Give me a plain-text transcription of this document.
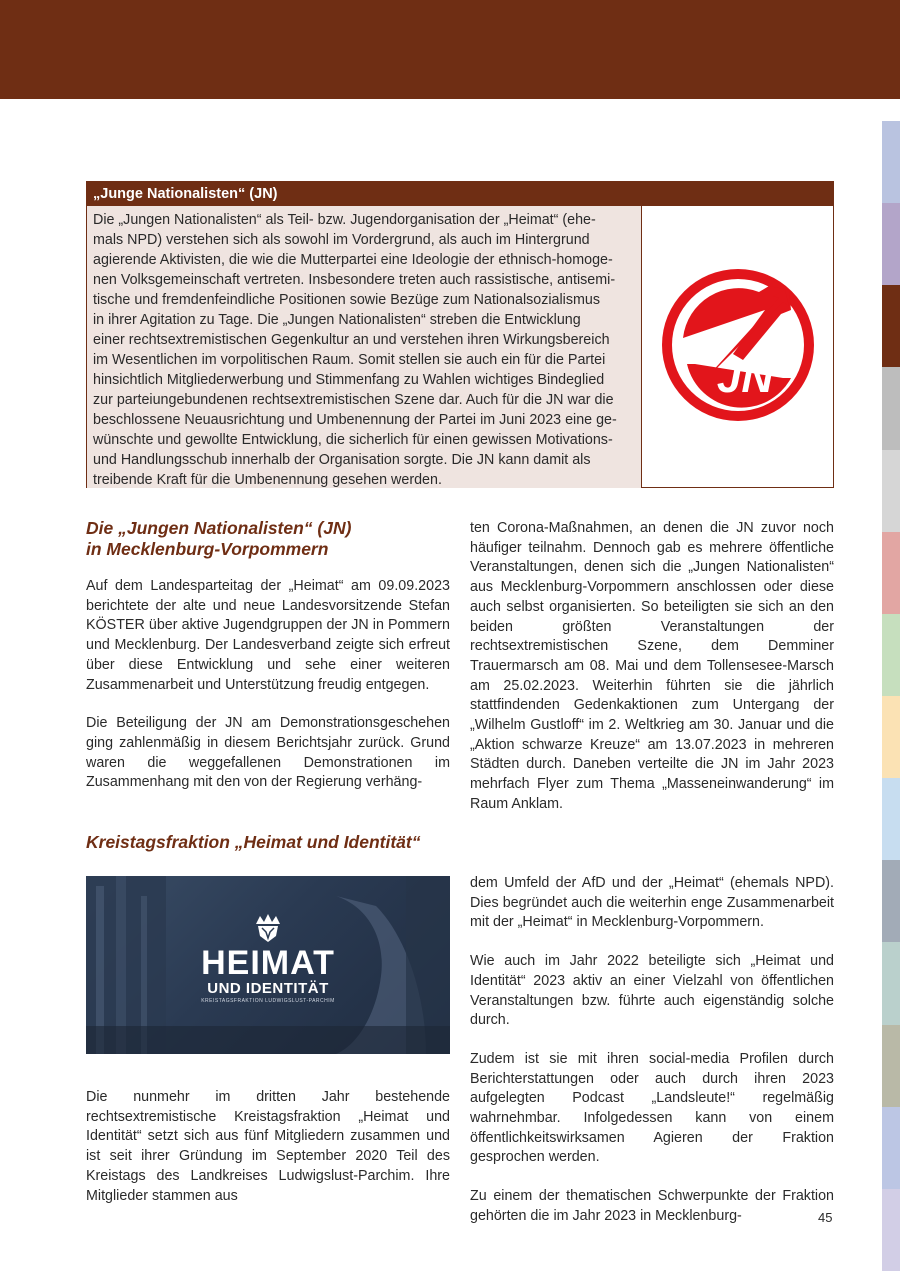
„Junge Nationalisten“ (JN)
Die „Jungen Nationalisten“ als Teil- bzw. Jugendorganisation der „Heimat“ (ehe-
mals NPD) verstehen sich als sowohl im Vordergrund, als auch im Hintergrund
agierende Aktivisten, die wie die Mutterpartei eine Ideologie der ethnisch-homoge-
nen Volksgemeinschaft vertreten. Insbesondere treten auch rassistische, antisemi-
tische und fremdenfeindliche Positionen sowie Bezüge zum Nationalsozialismus
in ihrer Agitation zu Tage. Die „Jungen Nationalisten“ streben die Entwicklung
einer rechtsextremistischen Gegenkultur an und verstehen ihren Wirkungsbereich
im Wesentlichen im vorpolitischen Raum. Somit stellen sie auch ein für die Partei
hinsichtlich Mitgliederwerbung und Stimmenfang zu Wahlen wichtiges Bindeglied
zur parteiungebundenen rechtsextremistischen Szene dar. Auch für die JN war die
beschlossene Neuausrichtung und Umbenennung der Partei im Juni 2023 eine ge-
wünschte und gewollte Entwicklung, die sicherlich für einen gewissen Motivations-
und Handlungsschub innerhalb der Organisation sorgte. Die JN kann damit als
treibende Kraft für die Umbenennung gesehen werden.
JN
Die „Jungen Nationalisten“ (JN)
in Mecklenburg-Vorpommern

Auf dem Landesparteitag der „Heimat“ am 09.09.2023 berichtete der alte und neue Landesvorsitzende Stefan KÖSTER über aktive Jugendgruppen der JN in Pommern und Mecklenburg. Der Landesverband zeigte sich erfreut über diese Entwicklung und sehe einer weiteren Zusammenarbeit und Unterstützung freudig entgegen.

Die Beteiligung der JN am Demonstrationsgeschehen ging zahlenmäßig in diesem Berichtsjahr zurück. Grund waren die weggefallenen Demonstrationen im Zusammenhang mit den von der Regierung verhäng-

ten Corona-Maßnahmen, an denen die JN zuvor noch häufiger teilnahm. Dennoch gab es mehrere öffentliche Veranstaltungen, denen sich die „Jungen Nationalisten“ aus Mecklenburg-Vorpommern anschlossen oder diese auch selbst organisierten. So beteiligten sie sich an den beiden größten Veranstaltungen der rechtsextremistischen Szene, dem Demminer Trauermarsch am 08. Mai und dem Tollensesee-Marsch am 25.02.2023. Weiterhin führten sie die jährlich stattfindenden Gedenkaktionen zum Untergang der „Wilhelm Gustloff“ im 2. Weltkrieg am 30. Januar und die „Aktion schwarze Kreuze“ am 13.07.2023 in mehreren Städten durch. Daneben verteilte die JN im Jahr 2023 mehrfach Flyer zum Thema „Masseneinwanderung“ im Raum Anklam.

Kreistagsfraktion „Heimat und Identität“
HEIMAT
UND IDENTITÄT
KREISTAGSFRAKTION LUDWIGSLUST-PARCHIM

Die nunmehr im dritten Jahr bestehende rechtsextremistische Kreistagsfraktion „Heimat und Identität“ setzt sich aus fünf Mitgliedern zusammen und ist seit ihrer Gründung im September 2020 Teil des Kreistags des Landkreises Ludwigslust-Parchim. Ihre Mitglieder stammen aus

dem Umfeld der AfD und der „Heimat“ (ehemals NPD). Dies begründet auch die weiterhin enge Zusammenarbeit mit der „Heimat“ in Mecklenburg-Vorpommern.

Wie auch im Jahr 2022 beteiligte sich „Heimat und Identität“ 2023 aktiv an einer Vielzahl von öffentlichen Veranstaltungen bzw. führte auch eigenständig solche durch.

Zudem ist sie mit ihren social-media Profilen durch Berichterstattungen oder auch durch ihren 2023 aufgelegten Podcast „Landsleute!“ regelmäßig wahrnehmbar. Infolgedessen kann von einem öffentlichkeitswirksamen Agieren der Fraktion gesprochen werden.

Zu einem der thematischen Schwerpunkte der Fraktion gehörten die im Jahr 2023 in Mecklenburg-	45
